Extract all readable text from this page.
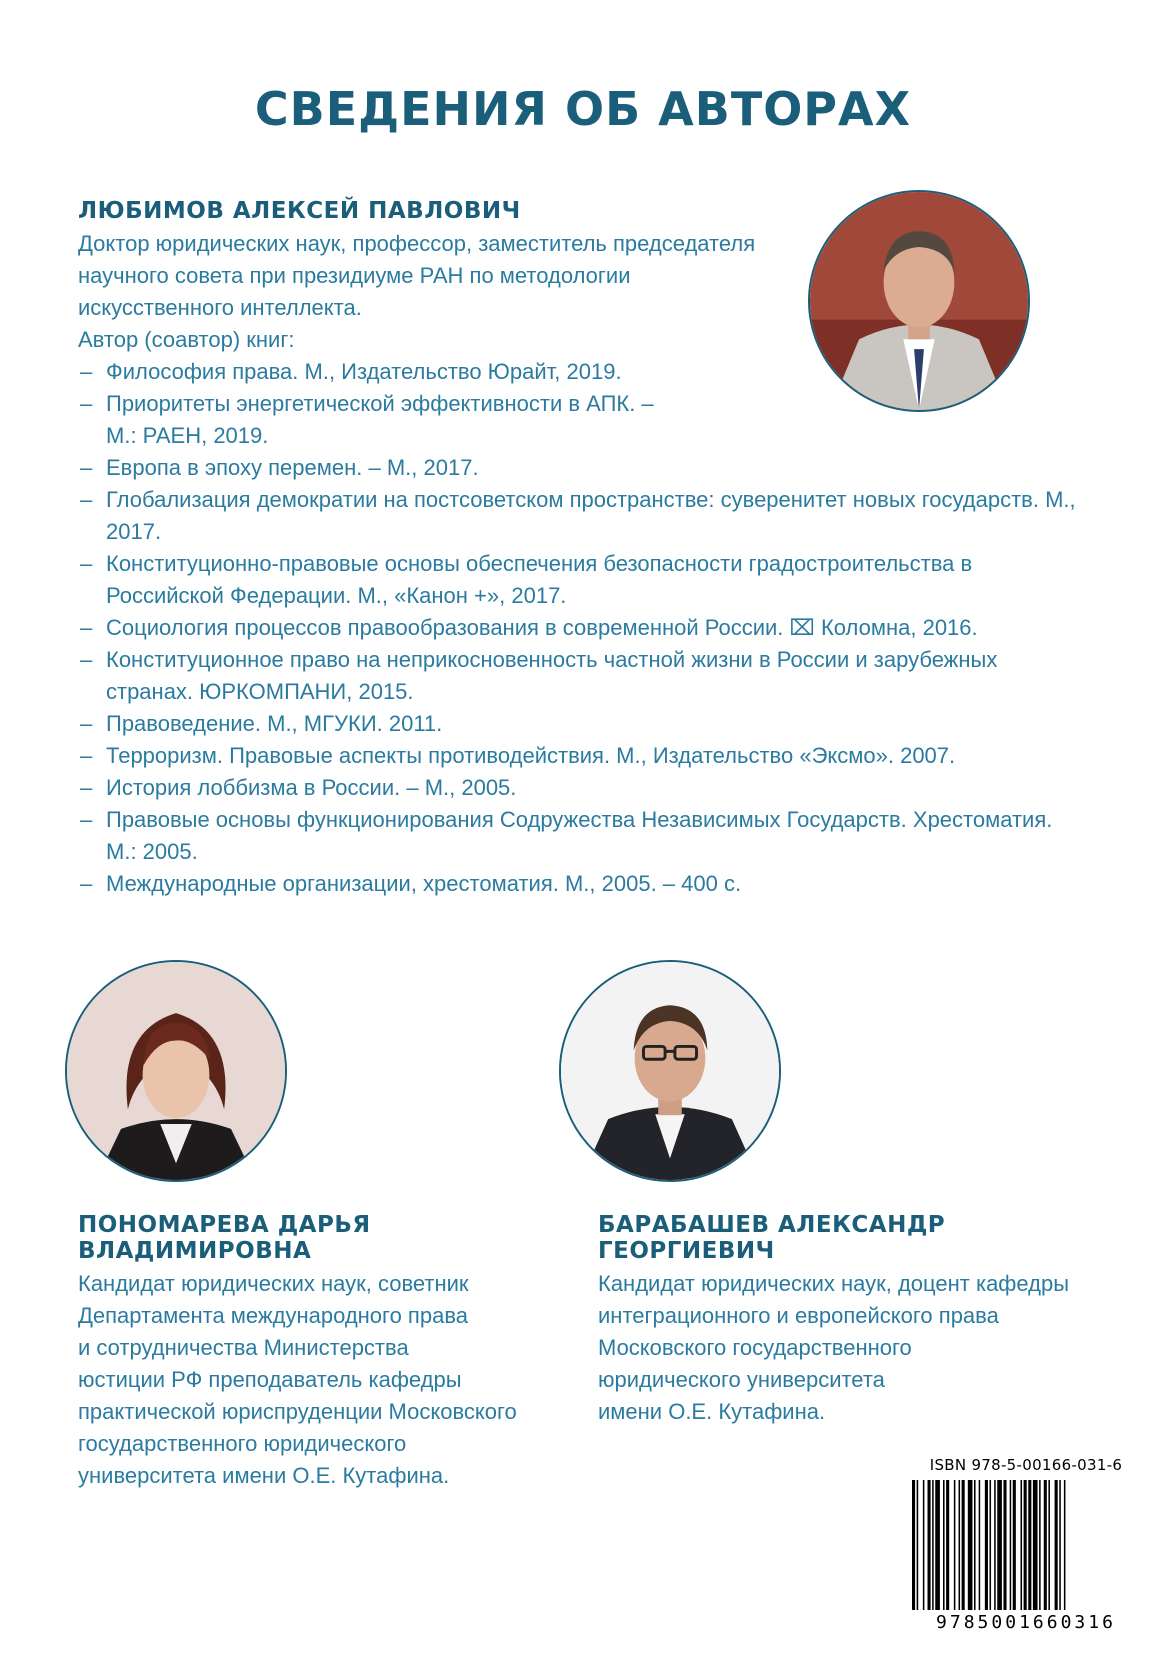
СВЕДЕНИЯ ОБ АВТОРАХ
ЛЮБИМОВ АЛЕКСЕЙ ПАВЛОВИЧ
Доктор юридических наук, профессор, заместитель председателя
научного совета при президиуме РАН по методологии
искусственного интеллекта.
Автор (соавтор) книг:
– Философия права. М., Издательство Юрайт, 2019.
– Приоритеты энергетической эффективности в АПК. – М.: РАЕН, 2019.
– Европа в эпоху перемен. – М., 2017.
– Глобализация демократии на постсоветском пространстве: суверенитет новых государств. М., 2017.
– Конституционно-правовые основы обеспечения безопасности градостроительства в Российской Федерации. М., «Канон +», 2017.
– Социология процессов правообразования в современной России. ⌧ Коломна, 2016.
– Конституционное право на неприкосновенность частной жизни в России и зарубежных странах. ЮРКОМПАНИ, 2015.
– Правоведение. М., МГУКИ. 2011.
– Терроризм. Правовые аспекты противодействия. М., Издательство «Эксмо». 2007.
– История лоббизма в России. – М., 2005.
– Правовые основы функционирования Содружества Независимых Государств. Хрестоматия. М.: 2005.
– Международные организации, хрестоматия. М., 2005. – 400 с.
ПОНОМАРЕВА ДАРЬЯ ВЛАДИМИРОВНА
Кандидат юридических наук, советник
Департамента международного права
и сотрудничества Министерства
юстиции РФ преподаватель кафедры
практической юриспруденции Московского
государственного юридического
университета имени О.Е. Кутафина.
БАРАБАШЕВ АЛЕКСАНДР ГЕОРГИЕВИЧ
Кандидат юридических наук, доцент кафедры
интеграционного и европейского права
Московского государственного
юридического университета
имени О.Е. Кутафина.
ISBN 978-5-00166-031-6
9785001660316
